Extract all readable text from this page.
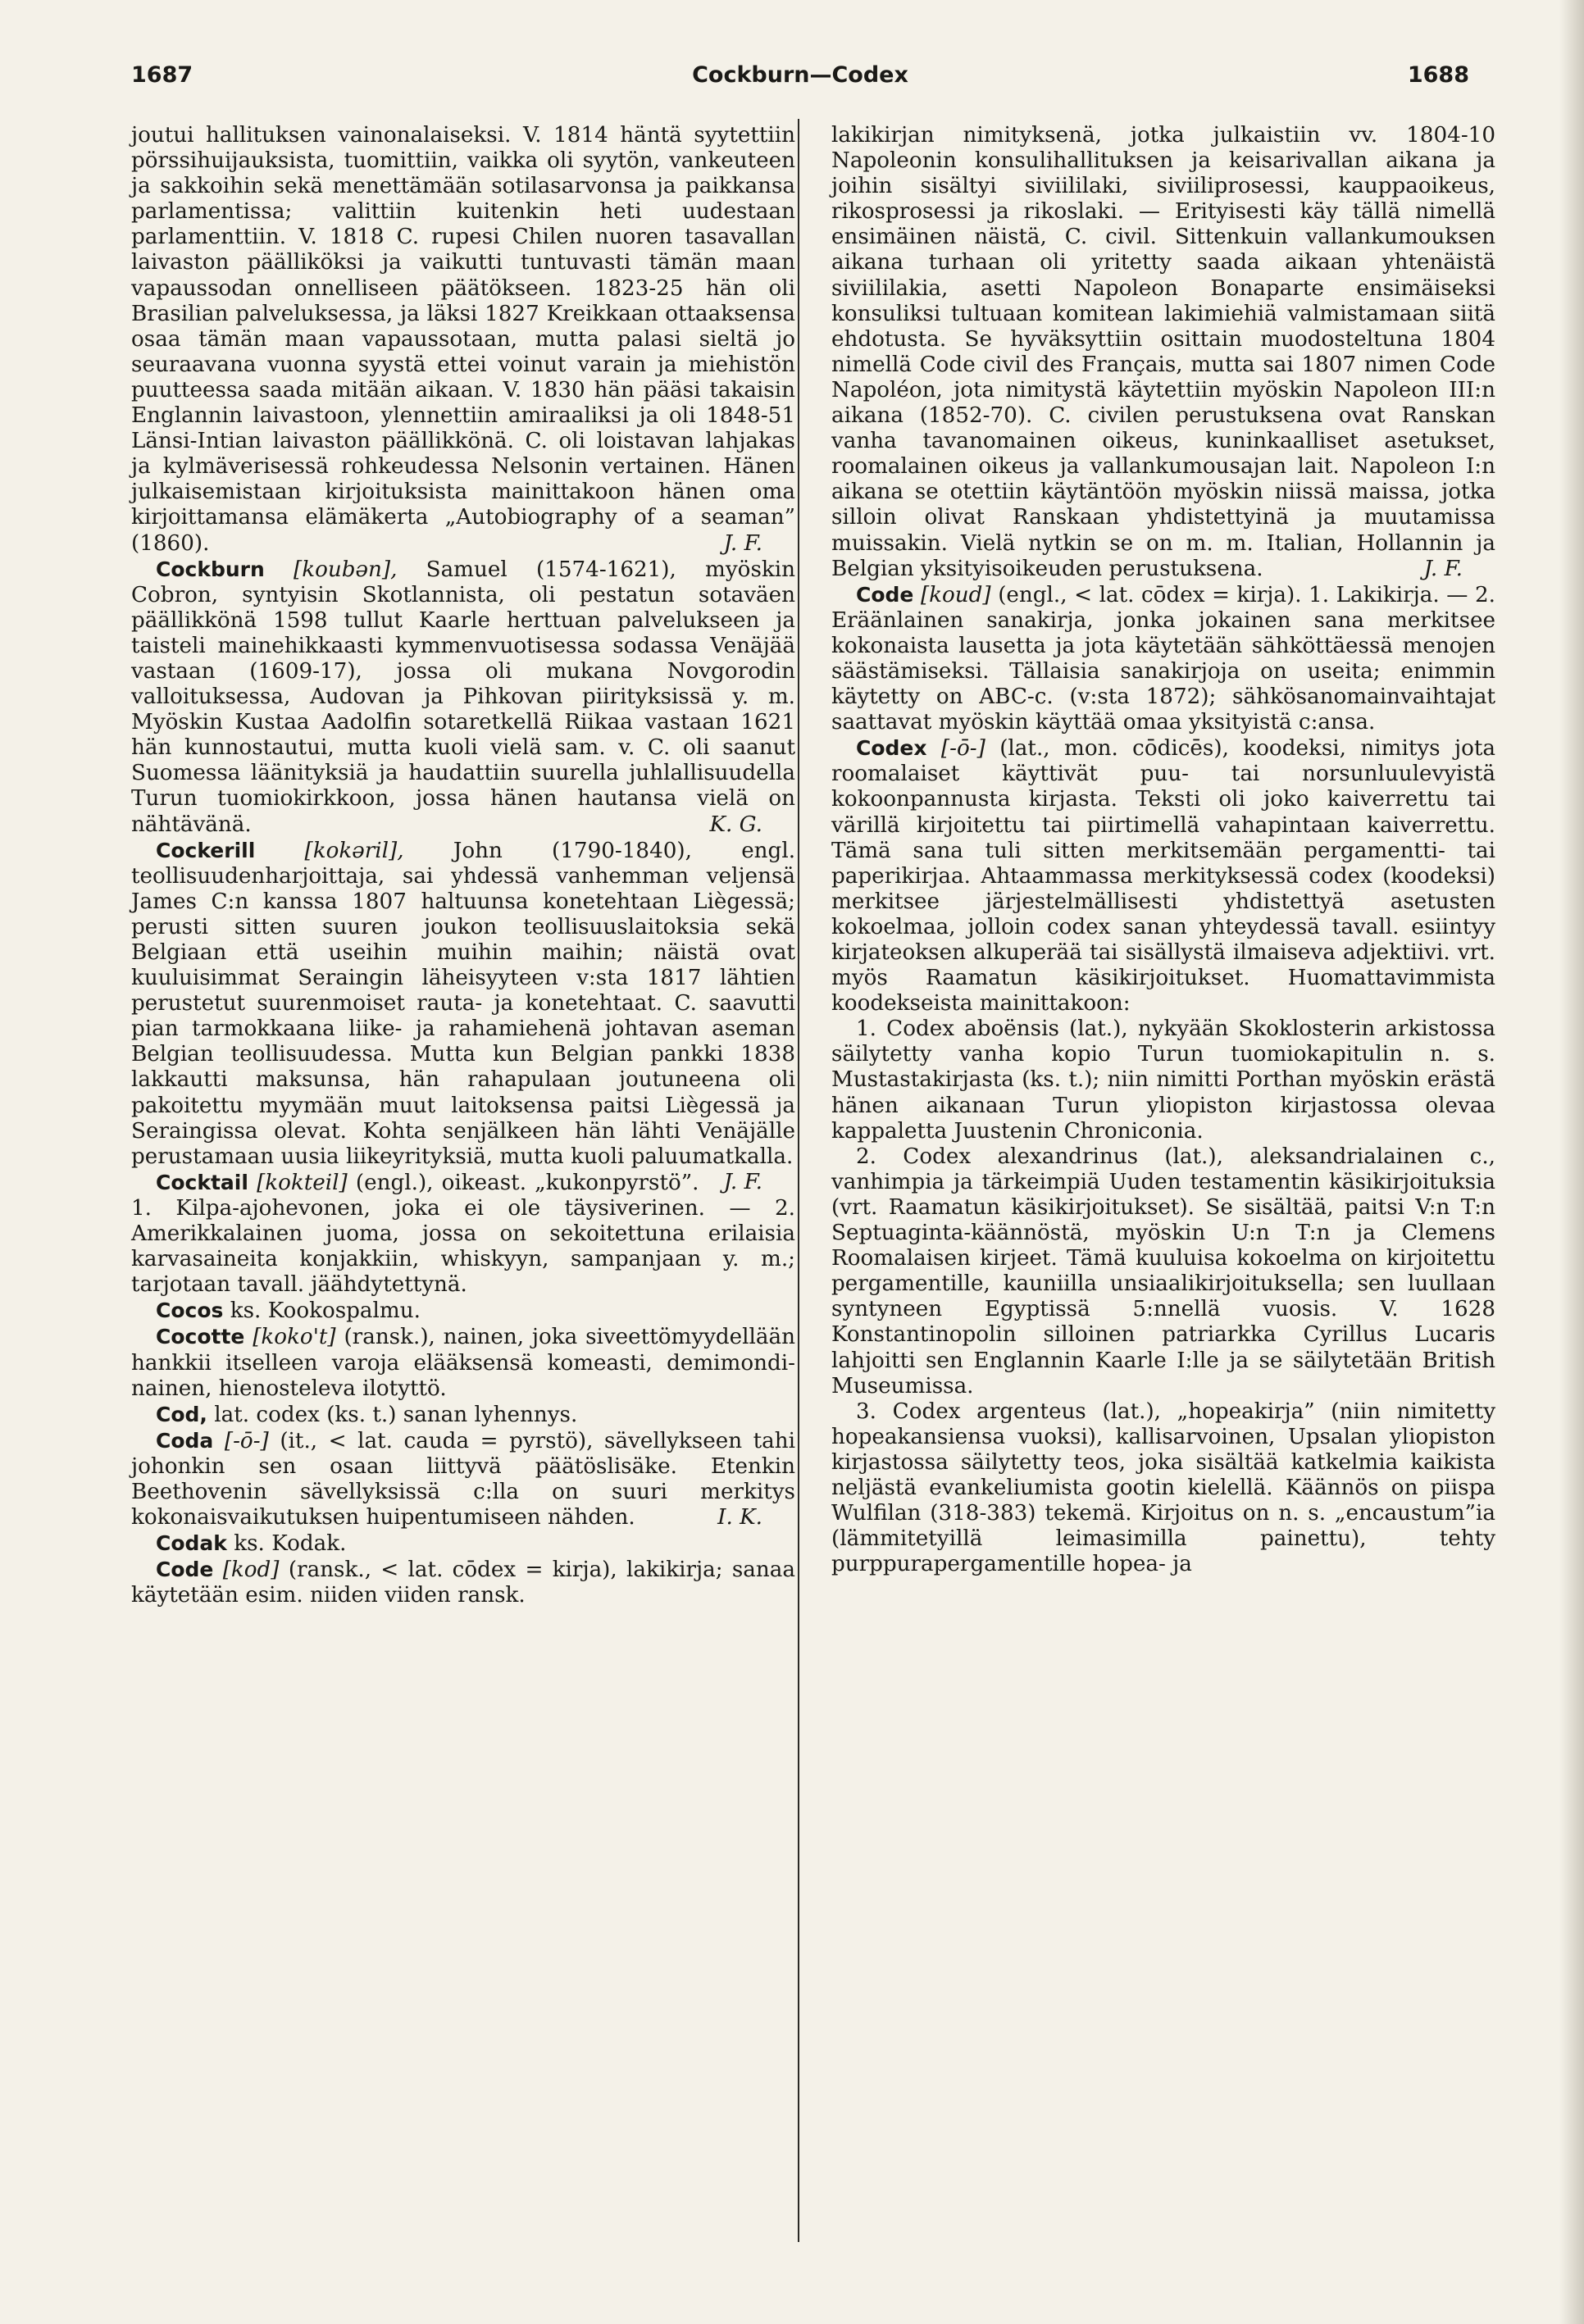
1687	Cockburn—Codex	1688

joutui hallituksen vainonalaiseksi. V. 1814 häntä syytettiin pörssihuijauksista, tuomittiin, vaikka oli syytön, vankeuteen ja sakkoihin sekä menettämään sotilasarvonsa ja paikkansa parlamentissa; valittiin kuitenkin heti uudestaan parlamenttiin. V. 1818 C. rupesi Chilen nuoren tasavallan laivaston päälliköksi ja vaikutti tuntuvasti tämän maan vapaussodan onnelliseen päätökseen. 1823-25 hän oli Brasilian palveluksessa, ja läksi 1827 Kreikkaan ottaaksensa osaa tämän maan vapaussotaan, mutta palasi sieltä jo seuraavana vuonna syystä ettei voinut varain ja miehistön puutteessa saada mitään aikaan. V. 1830 hän pääsi takaisin Englannin laivastoon, ylennettiin amiraaliksi ja oli 1848-51 Länsi-Intian laivaston päällikkönä. C. oli loistavan lahjakas ja kylmäverisessä rohkeudessa Nelsonin vertainen. Hänen julkaisemistaan kirjoituksista mainittakoon hänen oma kirjoittamansa elämäkerta „Autobiography of a seaman” (1860).	J. F.

Cockburn [koubən], Samuel (1574-1621), myöskin Cobron, syntyisin Skotlannista, oli pestatun sotaväen päällikkönä 1598 tullut Kaarle herttuan palvelukseen ja taisteli mainehikkaasti kymmenvuotisessa sodassa Venäjää vastaan (1609-17), jossa oli mukana Novgorodin valloituksessa, Audovan ja Pihkovan piirityksissä y. m. Myöskin Kustaa Aadolfin sotaretkellä Riikaa vastaan 1621 hän kunnostautui, mutta kuoli vielä sam. v. C. oli saanut Suomessa läänityksiä ja haudattiin suurella juhlallisuudella Turun tuomiokirkkoon, jossa hänen hautansa vielä on nähtävänä.	K. G.

Cockerill [kokəril], John (1790-1840), engl. teollisuudenharjoittaja, sai yhdessä vanhemman veljensä James C:n kanssa 1807 haltuunsa konetehtaan Liègessä; perusti sitten suuren joukon teollisuuslaitoksia sekä Belgiaan että useihin muihin maihin; näistä ovat kuuluisimmat Seraingin läheisyyteen v:sta 1817 lähtien perustetut suurenmoiset rauta- ja konetehtaat. C. saavutti pian tarmokkaana liike- ja rahamiehenä johtavan aseman Belgian teollisuudessa. Mutta kun Belgian pankki 1838 lakkautti maksunsa, hän rahapulaan joutuneena oli pakoitettu myymään muut laitoksensa paitsi Liègessä ja Seraingissa olevat. Kohta senjälkeen hän lähti Venäjälle perustamaan uusia liikeyrityksiä, mutta kuoli paluumatkalla.
J. F.

Cocktail [kokteil] (engl.), oikeast. „kukonpyrstö”. 1. Kilpa-ajohevonen, joka ei ole täysiverinen. — 2. Amerikkalainen juoma, jossa on sekoitettuna erilaisia karvasaineita konjakkiin, whiskyyn, sampanjaan y. m.; tarjotaan tavall. jäähdytettynä.

Cocos ks. Kookospalmu.

Cocotte [koko't] (ransk.), nainen, joka siveettömyydellään hankkii itselleen varoja elääksensä komeasti, demimondi-nainen, hienosteleva ilotyttö.

Cod, lat. codex (ks. t.) sanan lyhennys.

Coda [-ō-] (it., < lat. cauda = pyrstö), sävellykseen tahi johonkin sen osaan liittyvä päätöslisäke. Etenkin Beethovenin sävellyksissä c:lla on suuri merkitys kokonaisvaikutuksen huipentumiseen nähden.	I. K.

Codak ks. Kodak.

Code [kod] (ransk., < lat. cōdex = kirja), lakikirja; sanaa käytetään esim. niiden viiden ransk.

lakikirjan nimityksenä, jotka julkaistiin vv. 1804-10 Napoleonin konsulihallituksen ja keisarivallan aikana ja joihin sisältyi siviililaki, siviiliprosessi, kauppaoikeus, rikosprosessi ja rikoslaki. — Erityisesti käy tällä nimellä ensimäinen näistä, C. civil. Sittenkuin vallankumouksen aikana turhaan oli yritetty saada aikaan yhtenäistä siviililakia, asetti Napoleon Bonaparte ensimäiseksi konsuliksi tultuaan komitean lakimiehiä valmistamaan siitä ehdotusta. Se hyväksyttiin osittain muodosteltuna 1804 nimellä Code civil des Français, mutta sai 1807 nimen Code Napoléon, jota nimitystä käytettiin myöskin Napoleon III:n aikana (1852-70). C. civilen perustuksena ovat Ranskan vanha tavanomainen oikeus, kuninkaalliset asetukset, roomalainen oikeus ja vallankumousajan lait. Napoleon I:n aikana se otettiin käytäntöön myöskin niissä maissa, jotka silloin olivat Ranskaan yhdistettyinä ja muutamissa muissakin. Vielä nytkin se on m. m. Italian, Hollannin ja Belgian yksityisoikeuden perustuksena.	J. F.

Code [koud] (engl., < lat. cōdex = kirja). 1. Lakikirja. — 2. Eräänlainen sanakirja, jonka jokainen sana merkitsee kokonaista lausetta ja jota käytetään sähköttäessä menojen säästämiseksi. Tällaisia sanakirjoja on useita; enimmin käytetty on ABC-c. (v:sta 1872); sähkösanomainvaihtajat saattavat myöskin käyttää omaa yksityistä c:ansa.

Codex [-ō-] (lat., mon. cōdicēs), koodeksi, nimitys jota roomalaiset käyttivät puu- tai norsunluulevyistä kokoonpannusta kirjasta. Teksti oli joko kaiverrettu tai värillä kirjoitettu tai piirtimellä vahapintaan kaiverrettu. Tämä sana tuli sitten merkitsemään pergamentti- tai paperikirjaa. Ahtaammassa merkityksessä codex (koodeksi) merkitsee järjestelmällisesti yhdistettyä asetusten kokoelmaa, jolloin codex sanan yhteydessä tavall. esiintyy kirjateoksen alkuperää tai sisällystä ilmaiseva adjektiivi. vrt. myös Raamatun käsikirjoitukset. Huomattavimmista koodekseista mainittakoon:

1. Codex aboënsis (lat.), nykyään Skoklosterin arkistossa säilytetty vanha kopio Turun tuomiokapitulin n. s. Mustastakirjasta (ks. t.); niin nimitti Porthan myöskin erästä hänen aikanaan Turun yliopiston kirjastossa olevaa kappaletta Juustenin Chroniconia.

2. Codex alexandrinus (lat.), aleksandrialainen c., vanhimpia ja tärkeimpiä Uuden testamentin käsikirjoituksia (vrt. Raamatun käsikirjoitukset). Se sisältää, paitsi V:n T:n Septuaginta-käännöstä, myöskin U:n T:n ja Clemens Roomalaisen kirjeet. Tämä kuuluisa kokoelma on kirjoitettu pergamentille, kauniilla unsiaalikirjoituksella; sen luullaan syntyneen Egyptissä 5:nnellä vuosis. V. 1628 Konstantinopolin silloinen patriarkka Cyrillus Lucaris lahjoitti sen Englannin Kaarle I:lle ja se säilytetään British Museumissa.

3. Codex argenteus (lat.), „hopeakirja” (niin nimitetty hopeakansiensa vuoksi), kallisarvoinen, Upsalan yliopiston kirjastossa säilytetty teos, joka sisältää katkelmia kaikista neljästä evankeliumista gootin kielellä. Käännös on piispa Wulfilan (318-383) tekemä. Kirjoitus on n. s. „encaustum”ia (lämmitetyillä leimasimilla painettu), tehty purppurapergamentille hopea- ja
